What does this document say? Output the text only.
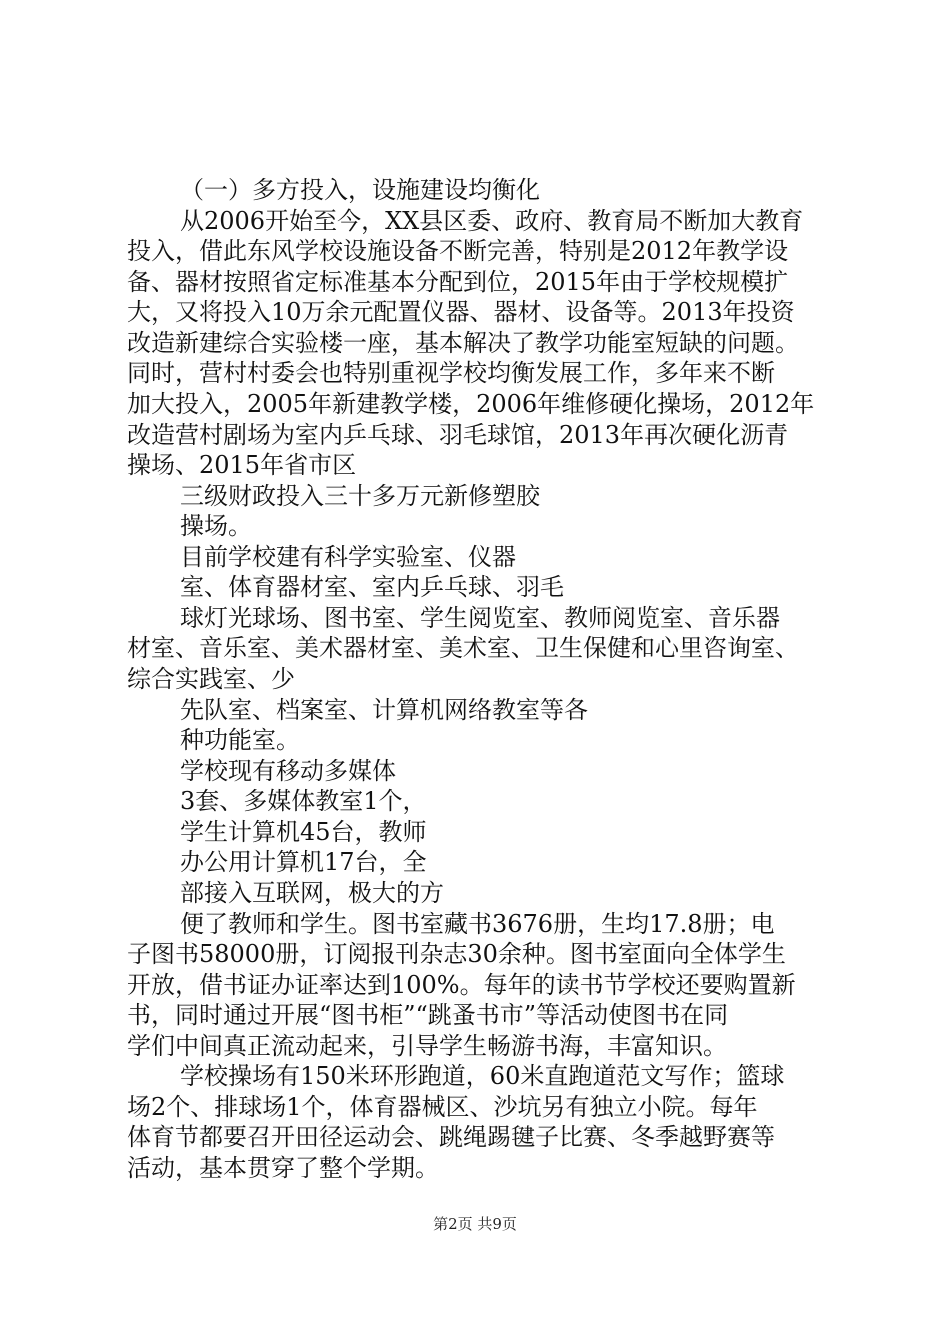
（一）多方投入，设施建设均衡化
从2006开始至今，XX县区委、政府、教育局不断加大教育
投入，借此东风学校设施设备不断完善，特别是2012年教学设
备、器材按照省定标准基本分配到位，2015年由于学校规模扩
大，又将投入10万余元配置仪器、器材、设备等。2013年投资
改造新建综合实验楼一座，基本解决了教学功能室短缺的问题。
同时，营村村委会也特别重视学校均衡发展工作，多年来不断
加大投入，2005年新建教学楼，2006年维修硬化操场，2012年
改造营村剧场为室内乒乓球、羽毛球馆，2013年再次硬化沥青
操场、2015年省市区
三级财政投入三十多万元新修塑胶
操场。
目前学校建有科学实验室、仪器
室、体育器材室、室内乒乓球、羽毛
球灯光球场、图书室、学生阅览室、教师阅览室、音乐器
材室、音乐室、美术器材室、美术室、卫生保健和心里咨询室、
综合实践室、少
先队室、档案室、计算机网络教室等各
种功能室。
学校现有移动多媒体
3套、多媒体教室1个，
学生计算机45台，教师
办公用计算机17台，全
部接入互联网，极大的方
便了教师和学生。图书室藏书3676册，生均17.8册；电
子图书58000册，订阅报刊杂志30余种。图书室面向全体学生
开放，借书证办证率达到100%。每年的读书节学校还要购置新
书，同时通过开展“图书柜”“跳蚤书市”等活动使图书在同
学们中间真正流动起来，引导学生畅游书海，丰富知识。
学校操场有150米环形跑道，60米直跑道范文写作；篮球
场2个、排球场1个，体育器械区、沙坑另有独立小院。每年
体育节都要召开田径运动会、跳绳踢毽子比赛、冬季越野赛等
活动，基本贯穿了整个学期。
第2页 共9页
